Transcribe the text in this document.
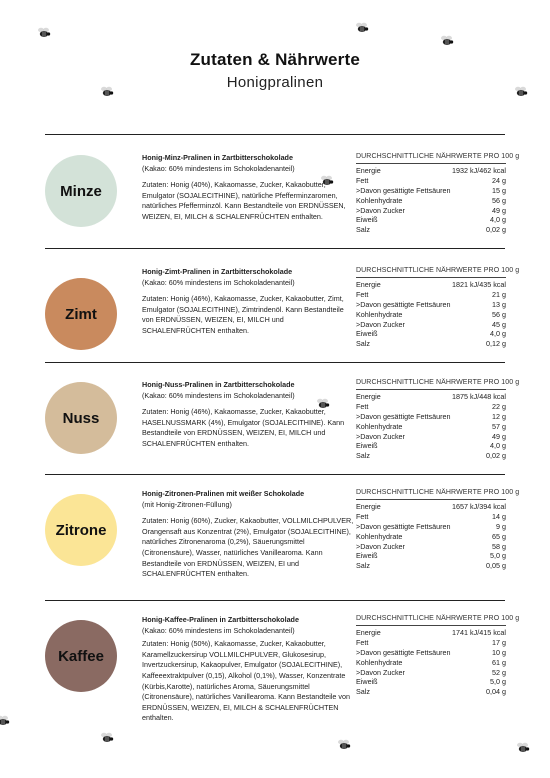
Zutaten & Nährwerte
Honigpralinen
Minze
Honig-Minz-Pralinen in Zartbitterschokolade
(Kakao: 60% mindestens im Schokoladenanteil)
Zutaten: Honig (40%), Kakaomasse, Zucker, Kakaobutter, Emulgator (SOJALECITHINE), natürliche Pfefferminzaromen, natürliches Pfefferminzöl. Kann Bestandteile von ERDNÜSSEN, WEIZEN, EI, MILCH & SCHALENFRÜCHTEN enthalten.
DURCHSCHNITTLICHE NÄHRWERTE PRO 100 g
Energie	1932 kJ/462 kcal
Fett	24 g
>Davon gesättigte Fettsäuren	15 g
Kohlenhydrate	56 g
>Davon Zucker	49 g
Eiweiß	4,0 g
Salz	0,02 g
Zimt
Honig-Zimt-Pralinen in Zartbitterschokolade
(Kakao: 60% mindestens im Schokoladenanteil)
Zutaten: Honig (46%), Kakaomasse, Zucker, Kakaobutter, Zimt, Emulgator (SOJALECITHINE), Zimtrindenöl. Kann Bestandteile von ERDNÜSSEN, WEIZEN, EI, MILCH und SCHALENFRÜCHTEN enthalten.
DURCHSCHNITTLICHE NÄHRWERTE PRO 100 g
Energie	1821 kJ/435 kcal
Fett	21 g
>Davon gesättigte Fettsäuren	13 g
Kohlenhydrate	56 g
>Davon Zucker	45 g
Eiweiß	4,0 g
Salz	0,12 g
Nuss
Honig-Nuss-Pralinen in Zartbitterschokolade
(Kakao: 60% mindestens im Schokoladenanteil)
Zutaten: Honig (46%), Kakaomasse, Zucker, Kakaobutter, HASELNUSSMARK (4%), Emulgator (SOJALECITHINE). Kann Bestandteile von ERDNÜSSEN, WEIZEN, EI, MILCH und SCHALENFRÜCHTEN enthalten.
DURCHSCHNITTLICHE NÄHRWERTE PRO 100 g
Energie	1875 kJ/448 kcal
Fett	22 g
>Davon gesättigte Fettsäuren	12 g
Kohlenhydrate	57 g
>Davon Zucker	49 g
Eiweiß	4,0 g
Salz	0,02 g
Zitrone
Honig-Zitronen-Pralinen mit weißer Schokolade
(mit Honig-Zitronen-Füllung)
Zutaten: Honig (60%), Zucker, Kakaobutter, VOLLMILCHPULVER, Orangensaft aus Konzentrat (2%), Emulgator (SOJALECITHINE), natürliches Zitronenaroma (0,2%), Säuerungsmittel (Citronensäure), Wasser, natürliches Vanillearoma. Kann Bestandteile von ERDNÜSSEN, WEIZEN, EI und SCHALENFRÜCHTEN enthalten.
DURCHSCHNITTLICHE NÄHRWERTE PRO 100 g
Energie	1657 kJ/394 kcal
Fett	14 g
>Davon gesättigte Fettsäuren	9 g
Kohlenhydrate	65 g
>Davon Zucker	58 g
Eiweiß	5,0 g
Salz	0,05 g
Kaffee
Honig-Kaffee-Pralinen in Zartbitterschokolade
(Kakao: 60% mindestens im Schokoladenanteil)
Zutaten: Honig (50%), Kakaomasse, Zucker, Kakaobutter, Karamellzuckersirup VOLLMILCHPULVER, Glukosesirup, Invertzuckersirup, Kakaopulver, Emulgator (SOJALECITHINE), Kaffeeextraktpulver (0,15), Alkohol (0,1%), Wasser, Konzentrate (Kürbis,Karotte), natürliches Aroma, Säuerungsmittel (Citronensäure), natürliches Vanillearoma. Kann Bestandteile von ERDNÜSSEN, WEIZEN, EI, MILCH & SCHALENFRÜCHTEN enthalten.
DURCHSCHNITTLICHE NÄHRWERTE PRO 100 g
Energie	1741 kJ/415 kcal
Fett	17 g
>Davon gesättigte Fettsäuren	10 g
Kohlenhydrate	61 g
>Davon Zucker	52 g
Eiweiß	5,0 g
Salz	0,04 g
